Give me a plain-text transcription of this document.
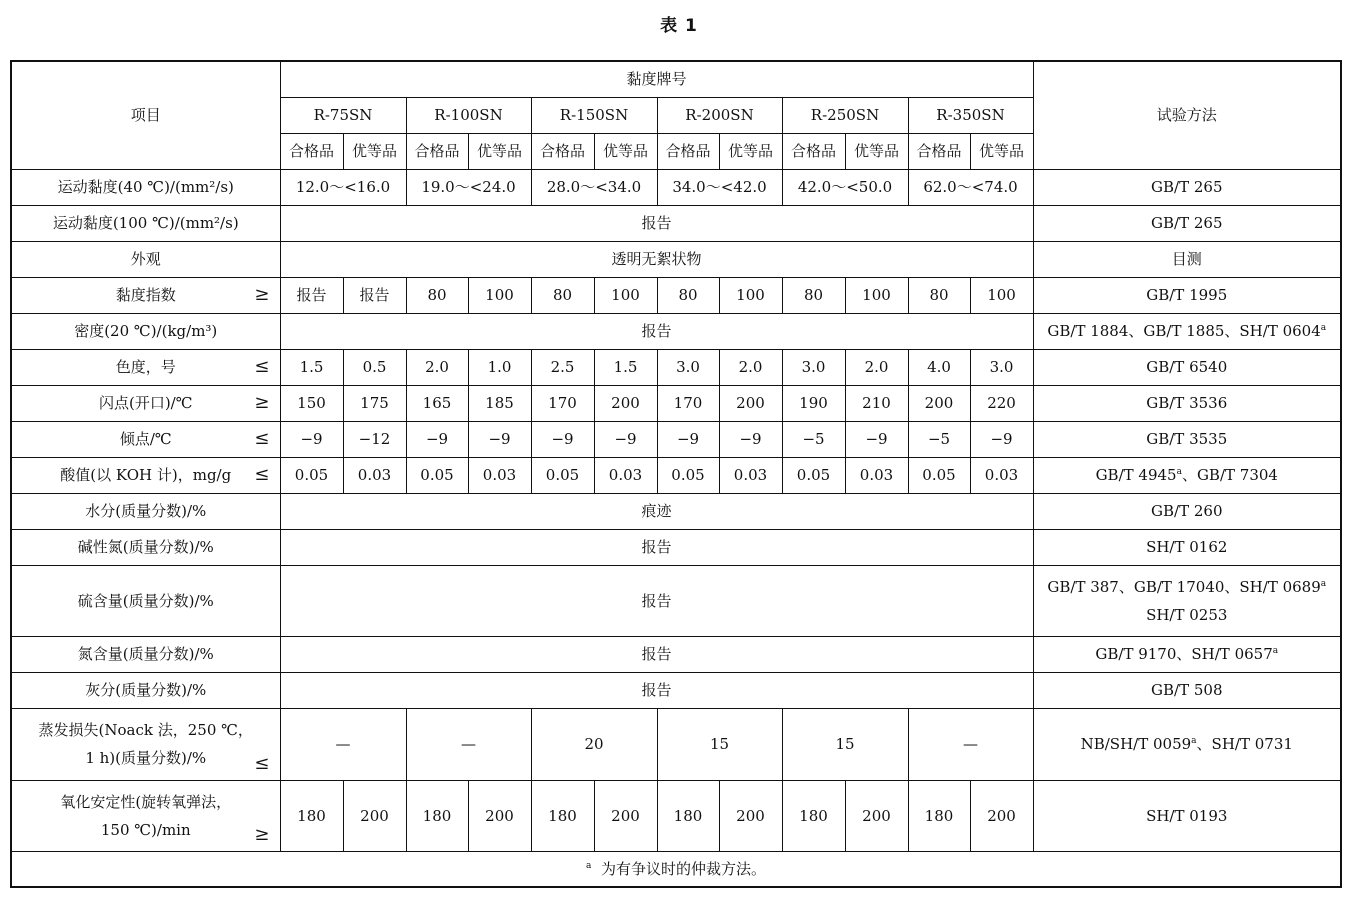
表 1
项目	黏度牌号												试验方法
	R-75SN		R-100SN		R-150SN		R-200SN		R-250SN		R-350SN		
	合格品	优等品	合格品	优等品	合格品	优等品	合格品	优等品	合格品	优等品	合格品	优等品	
运动黏度(40 ℃)/(mm²/s)	12.0～<16.0		19.0～<24.0		28.0～<34.0		34.0～<42.0		42.0～<50.0		62.0～<74.0		GB/T 265
运动黏度(100 ℃)/(mm²/s)	报告												GB/T 265
外观	透明无絮状物												目测
黏度指数 ≥	报告	报告	80	100	80	100	80	100	80	100	80	100	GB/T 1995
密度(20 ℃)/(kg/m³)	报告												GB/T 1884、GB/T 1885、SH/T 0604$^a$
色度，号 ≤	1.5	0.5	2.0	1.0	2.5	1.5	3.0	2.0	3.0	2.0	4.0	3.0	GB/T 6540
闪点(开口)/℃ ≥	150	175	165	185	170	200	170	200	190	210	200	220	GB/T 3536
倾点/℃ ≤	−9	−12	−9	−9	−9	−9	−9	−9	−5	−9	−5	−9	GB/T 3535
酸值(以 KOH 计)，mg/g ≤	0.05	0.03	0.05	0.03	0.05	0.03	0.05	0.03	0.05	0.03	0.05	0.03	GB/T 4945$^a$、GB/T 7304
水分(质量分数)/%	痕迹												GB/T 260
碱性氮(质量分数)/%	报告												SH/T 0162
硫含量(质量分数)/%	报告												GB/T 387、GB/T 17040、SH/T 0689$^a$
SH/T 0253

氮含量(质量分数)/%	报告												GB/T 9170、SH/T 0657$^a$
灰分(质量分数)/%	报告												GB/T 508
蒸发损失(Noack 法，250 ℃，
1 h)(质量分数)/% ≤	—		—		20		15		15		—		NB/SH/T 0059$^a$、SH/T 0731
氧化安定性(旋转氧弹法，
150 ℃)/min ≥	180	200	180	200	180	200	180	200	180	200	180	200	SH/T 0193
$^a$ 为有争议时的仲裁方法。													
